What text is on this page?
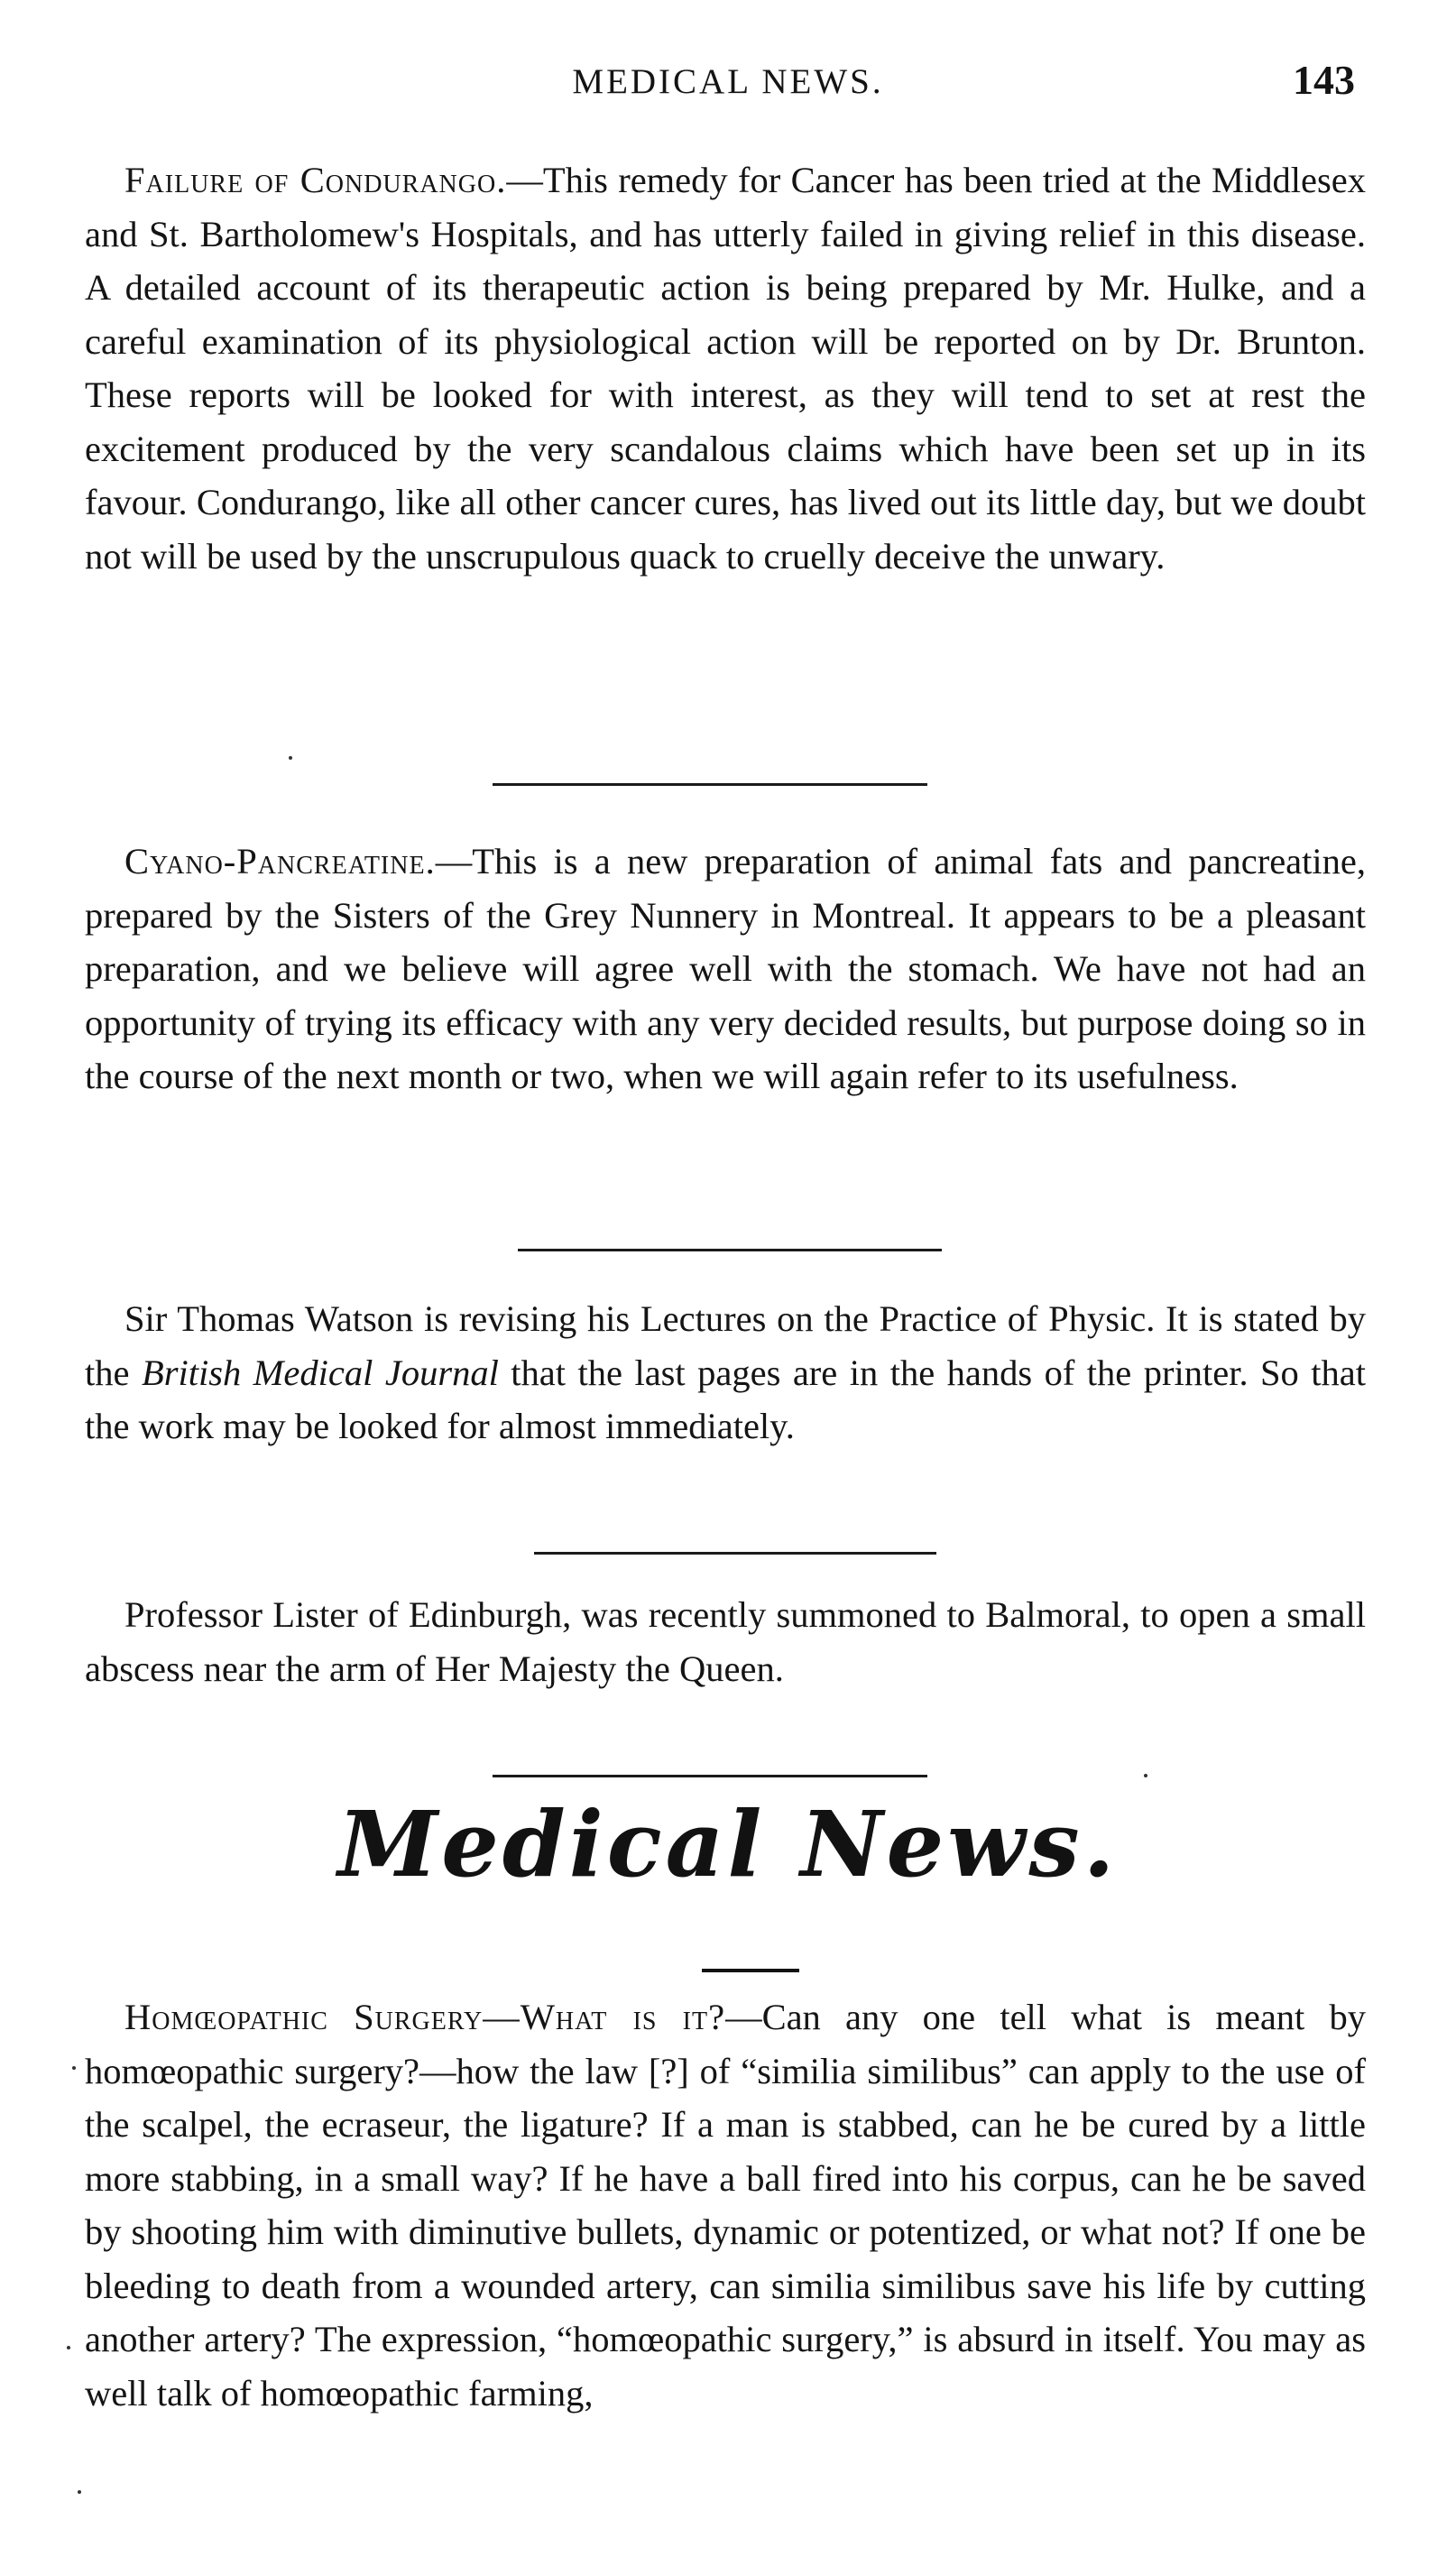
MEDICAL NEWS.	143

Failure of Condurango.—This remedy for Cancer has been tried at the Middlesex and St. Bartholomew's Hospitals, and has utterly failed in giving relief in this disease. A detailed account of its therapeutic action is being prepared by Mr. Hulke, and a careful examination of its physiological action will be reported on by Dr. Brunton. These reports will be looked for with interest, as they will tend to set at rest the excitement produced by the very scandalous claims which have been set up in its favour. Condurango, like all other cancer cures, has lived out its little day, but we doubt not will be used by the unscrupulous quack to cruelly deceive the unwary.

Cyano-Pancreatine.—This is a new preparation of animal fats and pancreatine, prepared by the Sisters of the Grey Nunnery in Montreal. It appears to be a pleasant preparation, and we believe will agree well with the stomach. We have not had an opportunity of trying its efficacy with any very decided results, but purpose doing so in the course of the next month or two, when we will again refer to its usefulness.

Sir Thomas Watson is revising his Lectures on the Practice of Physic. It is stated by the British Medical Journal that the last pages are in the hands of the printer. So that the work may be looked for almost immediately.

Professor Lister of Edinburgh, was recently summoned to Balmoral, to open a small abscess near the arm of Her Majesty the Queen.

Medical News.

Homœopathic Surgery—What is it?—Can any one tell what is meant by homœopathic surgery?—how the law [?] of “similia similibus” can apply to the use of the scalpel, the ecraseur, the ligature? If a man is stabbed, can he be cured by a little more stabbing, in a small way? If he have a ball fired into his corpus, can he be saved by shooting him with diminutive bullets, dynamic or potentized, or what not? If one be bleeding to death from a wounded artery, can similia similibus save his life by cutting another artery? The expression, “homœopathic surgery,” is absurd in itself. You may as well talk of homœopathic farming,
